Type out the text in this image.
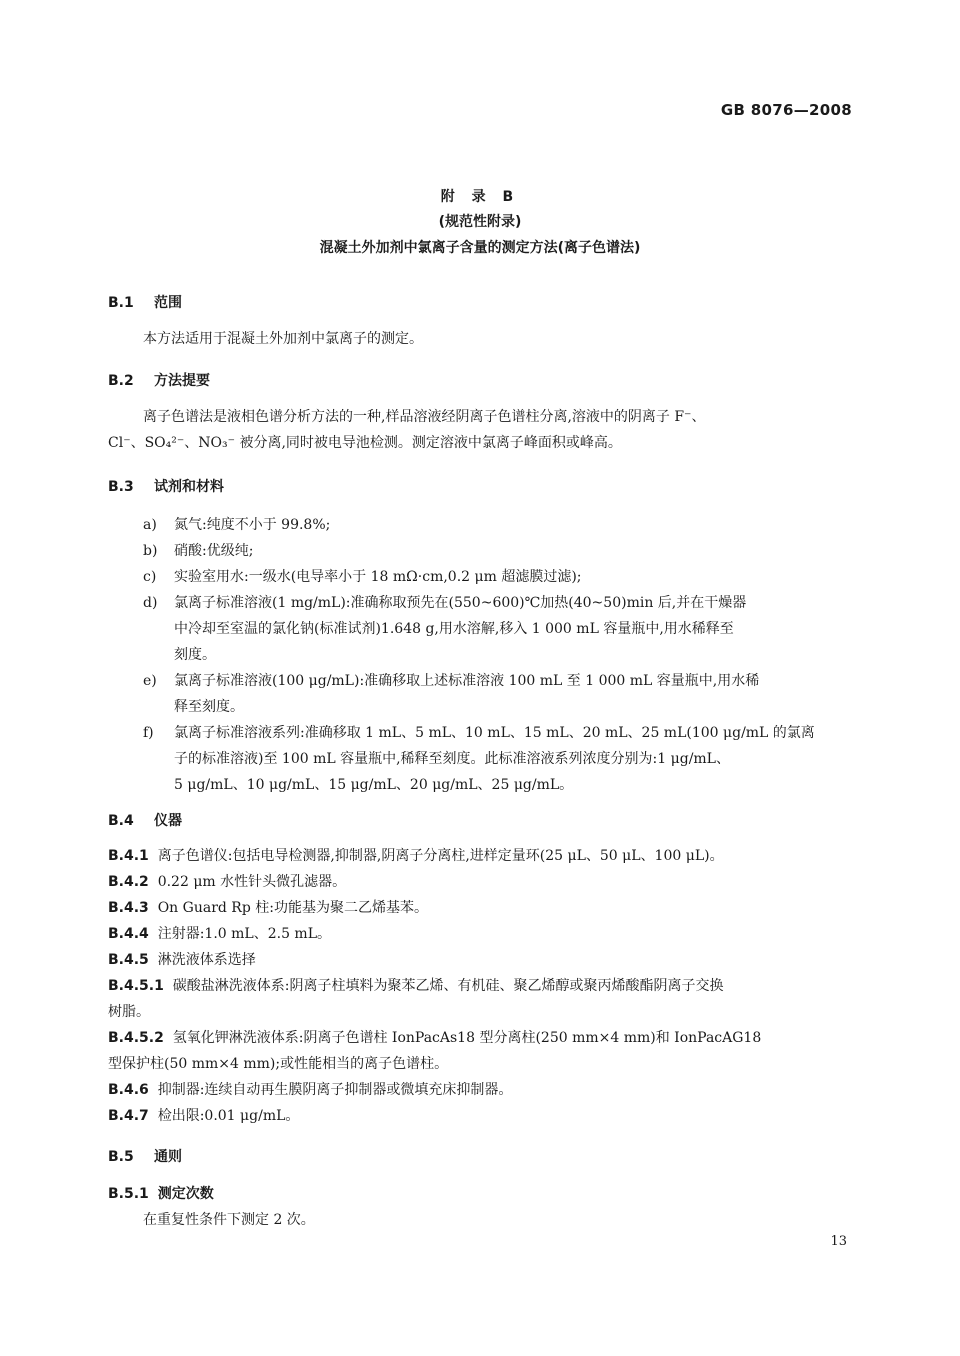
GB 8076—2008
附 录 B
(规范性附录)
混凝土外加剂中氯离子含量的测定方法(离子色谱法)
B.1 范围
本方法适用于混凝土外加剂中氯离子的测定。
B.2 方法提要
离子色谱法是液相色谱分析方法的一种,样品溶液经阴离子色谱柱分离,溶液中的阴离子 F⁻、
Cl⁻、SO₄²⁻、NO₃⁻ 被分离,同时被电导池检测。测定溶液中氯离子峰面积或峰高。
B.3 试剂和材料
a) 氮气:纯度不小于 99.8%;
b) 硝酸:优级纯;
c) 实验室用水:一级水(电导率小于 18 mΩ·cm,0.2 μm 超滤膜过滤);
d) 氯离子标准溶液(1 mg/mL):准确称取预先在(550~600)℃加热(40~50)min 后,并在干燥器
中冷却至室温的氯化钠(标准试剂)1.648 g,用水溶解,移入 1 000 mL 容量瓶中,用水稀释至
刻度。
e) 氯离子标准溶液(100 μg/mL):准确移取上述标准溶液 100 mL 至 1 000 mL 容量瓶中,用水稀
释至刻度。
f) 氯离子标准溶液系列:准确移取 1 mL、5 mL、10 mL、15 mL、20 mL、25 mL(100 μg/mL 的氯离
子的标准溶液)至 100 mL 容量瓶中,稀释至刻度。此标准溶液系列浓度分别为:1 μg/mL、
5 μg/mL、10 μg/mL、15 μg/mL、20 μg/mL、25 μg/mL。
B.4 仪器
B.4.1 离子色谱仪:包括电导检测器,抑制器,阴离子分离柱,进样定量环(25 μL、50 μL、100 μL)。
B.4.2 0.22 μm 水性针头微孔滤器。
B.4.3 On Guard Rp 柱:功能基为聚二乙烯基苯。
B.4.4 注射器:1.0 mL、2.5 mL。
B.4.5 淋洗液体系选择
B.4.5.1 碳酸盐淋洗液体系:阴离子柱填料为聚苯乙烯、有机硅、聚乙烯醇或聚丙烯酸酯阴离子交换
树脂。
B.4.5.2 氢氧化钾淋洗液体系:阴离子色谱柱 IonPacAs18 型分离柱(250 mm×4 mm)和 IonPacAG18
型保护柱(50 mm×4 mm);或性能相当的离子色谱柱。
B.4.6 抑制器:连续自动再生膜阴离子抑制器或微填充床抑制器。
B.4.7 检出限:0.01 μg/mL。
B.5 通则
B.5.1 测定次数
在重复性条件下测定 2 次。
13
